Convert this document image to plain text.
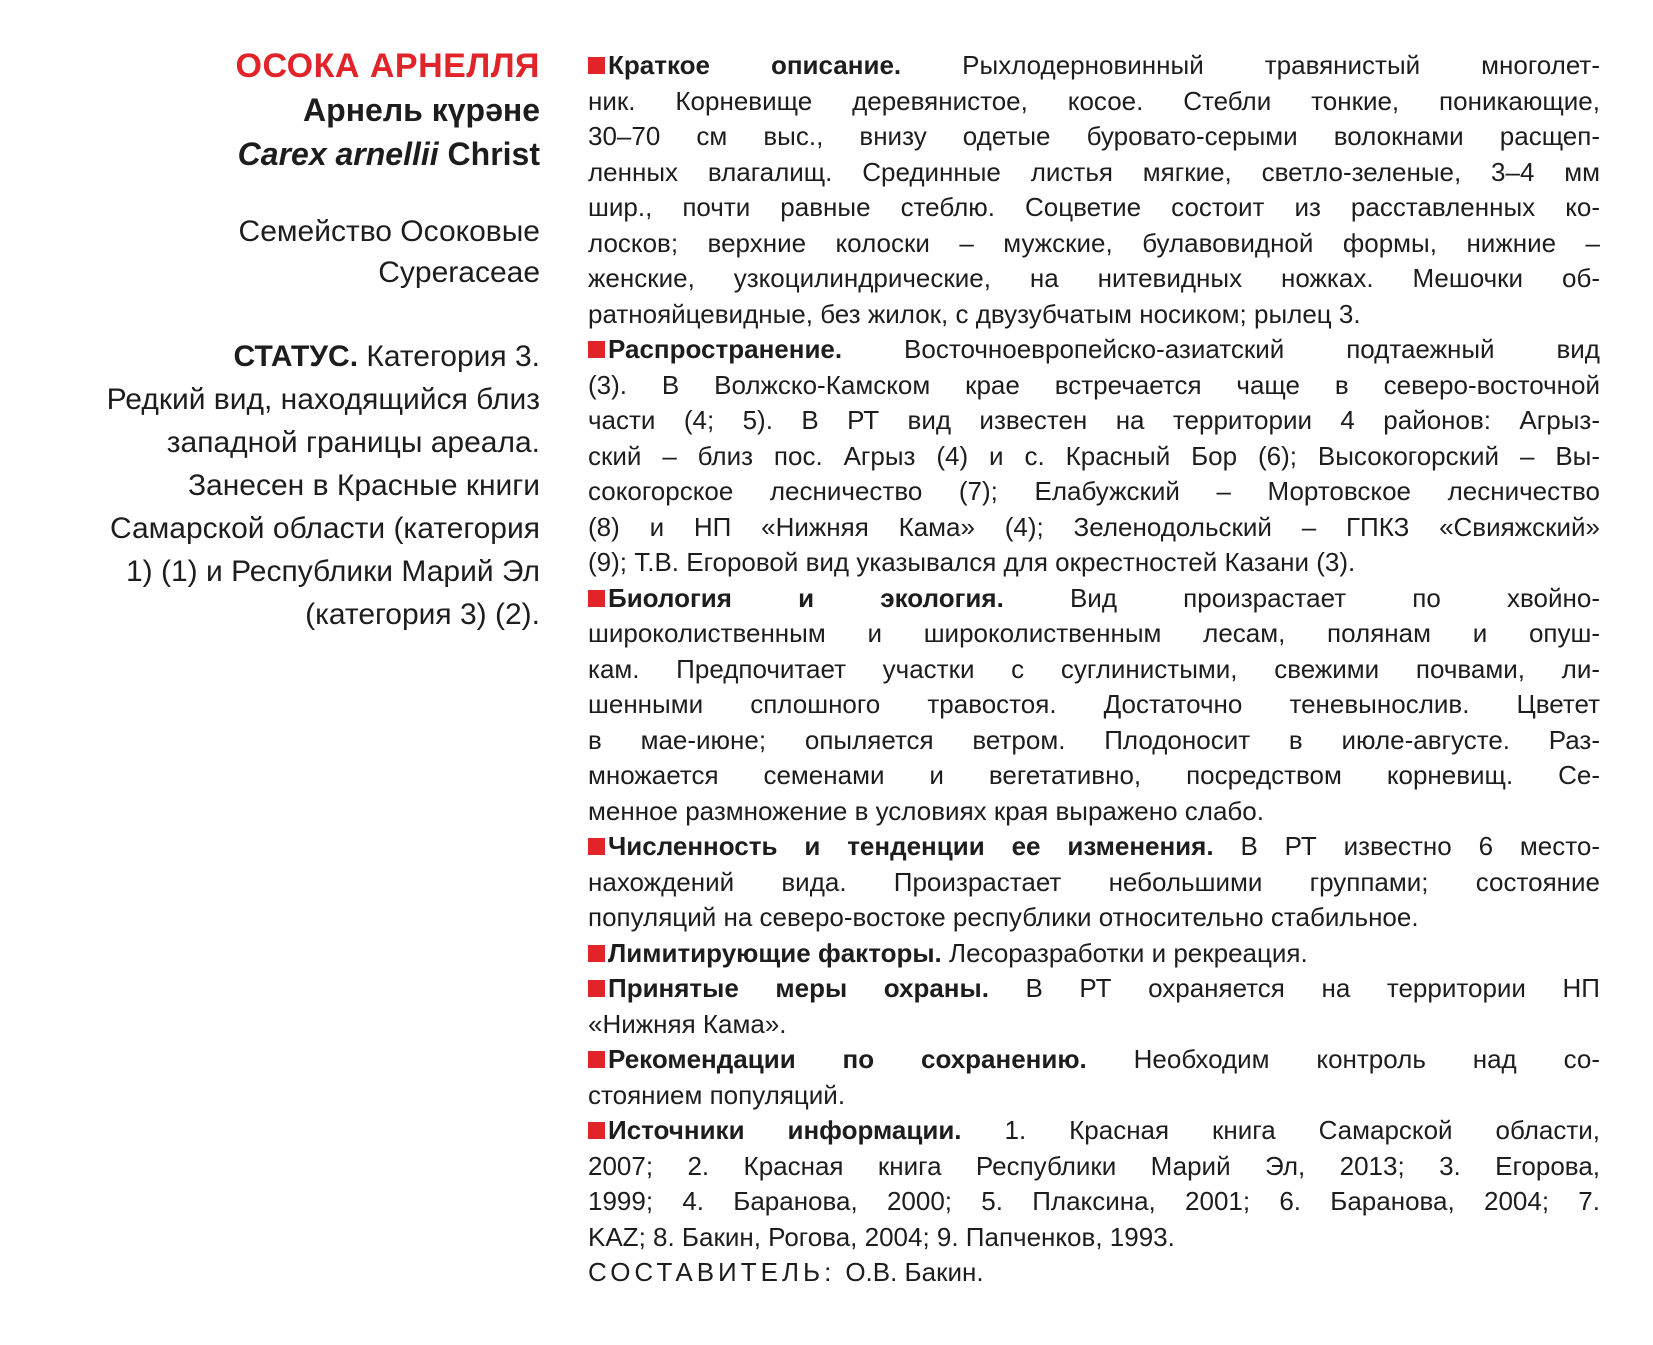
ОСОКА АРНЕЛЛЯ
Арнель күрәне
Carex arnellii Christ
Семейство Осоковые
Cyperaceae
СТАТУС. Категория 3.
Редкий вид, находящийся близ
западной границы ареала.
Занесен в Красные книги
Самарской области (категория
1) (1) и Республики Марий Эл
(категория 3) (2).
Краткое описание. Рыхлодерновинный травянистый многолет-
ник. Корневище деревянистое, косое. Стебли тонкие, поникающие,
30–70 см выс., внизу одетые буровато-серыми волокнами расщеп-
ленных влагалищ. Срединные листья мягкие, светло-зеленые, 3–4 мм
шир., почти равные стеблю. Соцветие состоит из расставленных ко-
лосков; верхние колоски – мужские, булавовидной формы, нижние –
женские, узкоцилиндрические, на нитевидных ножках. Мешочки об-
ратнояйцевидные, без жилок, с двузубчатым носиком; рылец 3.
Распространение. Восточноевропейско-азиатский подтаежный вид
(3). В Волжско-Камском крае встречается чаще в северо-восточной
части (4; 5). В РТ вид известен на территории 4 районов: Агрыз-
ский – близ пос. Агрыз (4) и с. Красный Бор (6); Высокогорский – Вы-
сокогорское лесничество (7); Елабужский – Мортовское лесничество
(8) и НП «Нижняя Кама» (4); Зеленодольский – ГПКЗ «Свияжский»
(9); Т.В. Егоровой вид указывался для окрестностей Казани (3).
Биология и экология.	Вид произрастает по хвойно-
широколиственным и широколиственным лесам, полянам и опуш-
кам. Предпочитает участки с суглинистыми, свежими почвами, ли-
шенными сплошного травостоя. Достаточно теневынослив. Цветет
в мае-июне; опыляется ветром. Плодоносит в июле-августе. Раз-
множается семенами и вегетативно, посредством корневищ. Се-
менное размножение в условиях края выражено слабо.
Численность и тенденции ее изменения. В РТ известно 6 место-
нахождений вида. Произрастает небольшими группами; состояние
популяций на северо-востоке республики относительно стабильное.
Лимитирующие факторы. Лесоразработки и рекреация.
Принятые меры охраны. В РТ охраняется на территории НП
«Нижняя Кама».
Рекомендации по сохранению. Необходим контроль над со-
стоянием популяций.
Источники информации. 1. Красная книга Самарской области,
2007; 2. Красная книга Республики Марий Эл, 2013; 3. Егорова,
1999; 4. Баранова, 2000; 5. Плаксина, 2001; 6. Баранова, 2004; 7.
KAZ; 8. Бакин, Рогова, 2004; 9. Папченков, 1993.
СОСТАВИТЕЛЬ: О.В. Бакин.
